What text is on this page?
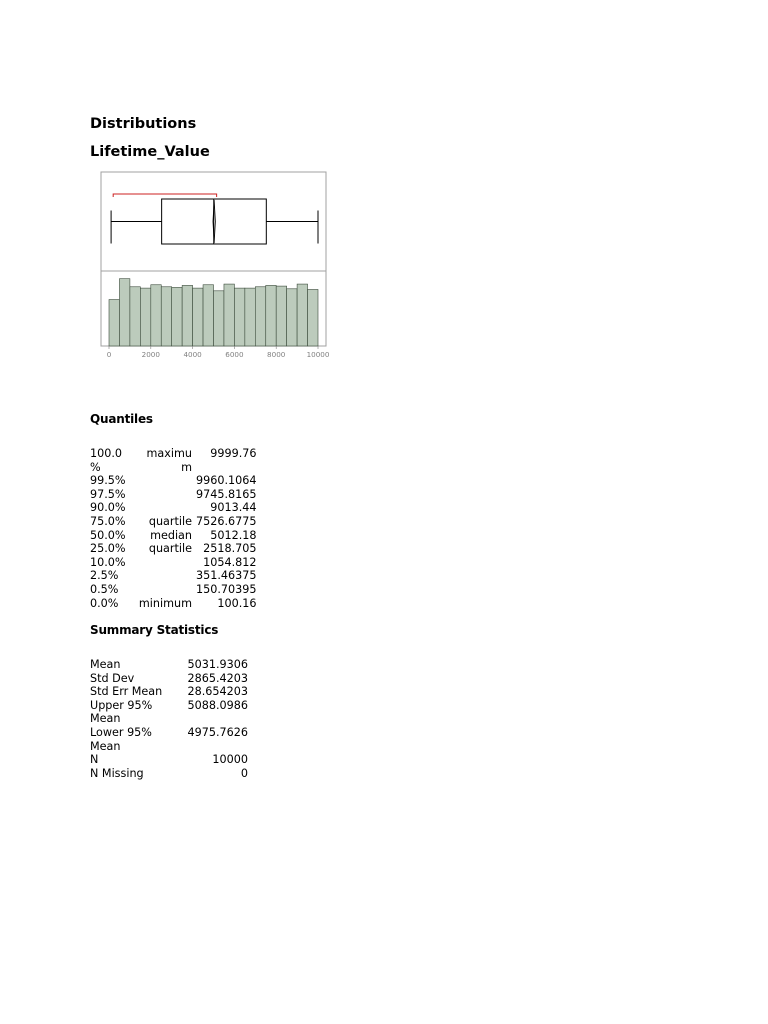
Distributions
Lifetime_Value
0	2000	4000	6000	8000	10000
Quantiles
100.0 %	maximu m	9999.76
99.5%		9960.1064
97.5%		9745.8165
90.0%		9013.44
75.0%	quartile	7526.6775
50.0%	median	5012.18
25.0%	quartile	2518.705
10.0%		1054.812
2.5%		351.46375
0.5%		150.70395
0.0%	minimum	100.16
Summary Statistics
Mean	5031.9306
Std Dev	2865.4203
Std Err Mean	28.654203
Upper 95% Mean	5088.0986
Lower 95% Mean	4975.7626
N	10000
N Missing	0
